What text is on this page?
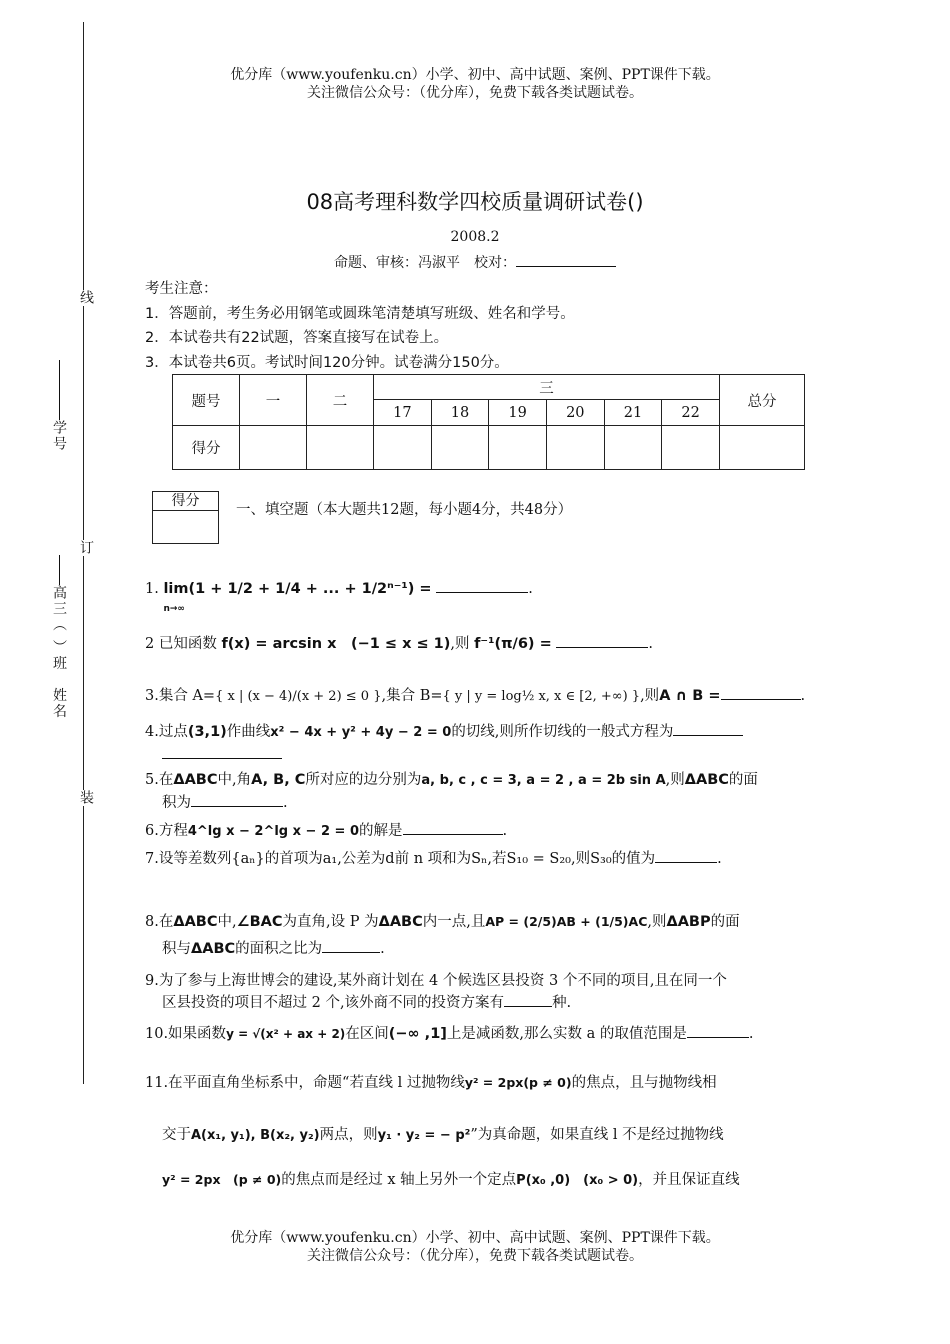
线
学号
订
高三（ ）班　姓名
装
优分库（www.youfenku.cn）小学、初中、高中试题、案例、PPT课件下载。
关注微信公众号：（优分库），免费下载各类试题试卷。
08高考理科数学四校质量调研试卷()
2008.2
命题、审核：冯淑平　校对：
考生注意：
1．答题前，考生务必用钢笔或圆珠笔清楚填写班级、姓名和学号。
2．本试卷共有22试题，答案直接写在试卷上。
3．本试卷共6页。考试时间120分钟。试卷满分150分。
题号	一	二	三						总分
			17	18	19	20	21	22	
得分									
得分
一、填空题（本大题共12题，每小题4分，共48分）
1. lim(1 + 1/2 + 1/4 + ... + 1/2ⁿ⁻¹) =
n→∞
.
2 已知函数 f(x) = arcsin x　(−1 ≤ x ≤ 1),则 f⁻¹(π/6) =	.
3.集合 A={ x | (x − 4)/(x + 2) ≤ 0 },集合 B={ y | y = log½ x, x ∈ [2, +∞) },则A ∩ B =	.
4.过点(3,1)作曲线x² − 4x + y² + 4y − 2 = 0的切线,则所作切线的一般式方程为
5.在ΔABC中,角A, B, C所对应的边分别为a, b, c , c = 3, a = 2 , a = 2b sin A,则ΔABC的面
积为	.
6.方程4^lg x − 2^lg x − 2 = 0的解是	.
7.设等差数列{aₙ}的首项为a₁,公差为d前 n 项和为Sₙ,若S₁₀ = S₂₀,则S₃₀的值为	.
8.在ΔABC中,∠BAC为直角,设 P 为ΔABC内一点,且AP = (2/5)AB + (1/5)AC,则ΔABP的面
积与ΔABC的面积之比为	.
9.为了参与上海世博会的建设,某外商计划在 4 个候选区县投资 3 个不同的项目,且在同一个
区县投资的项目不超过 2 个,该外商不同的投资方案有	种.
10.如果函数y = √(x² + ax + 2)在区间(−∞ ,1]上是减函数,那么实数 a 的取值范围是	.
11.在平面直角坐标系中，命题“若直线 l 过抛物线y² = 2px(p ≠ 0)的焦点，且与抛物线相
交于A(x₁, y₁), B(x₂, y₂)两点，则y₁ · y₂ = − p²”为真命题，如果直线 l 不是经过抛物线
y² = 2px　(p ≠ 0)的焦点而是经过 x 轴上另外一个定点P(x₀ ,0)　(x₀ > 0)，并且保证直线
优分库（www.youfenku.cn）小学、初中、高中试题、案例、PPT课件下载。
关注微信公众号：（优分库），免费下载各类试题试卷。
